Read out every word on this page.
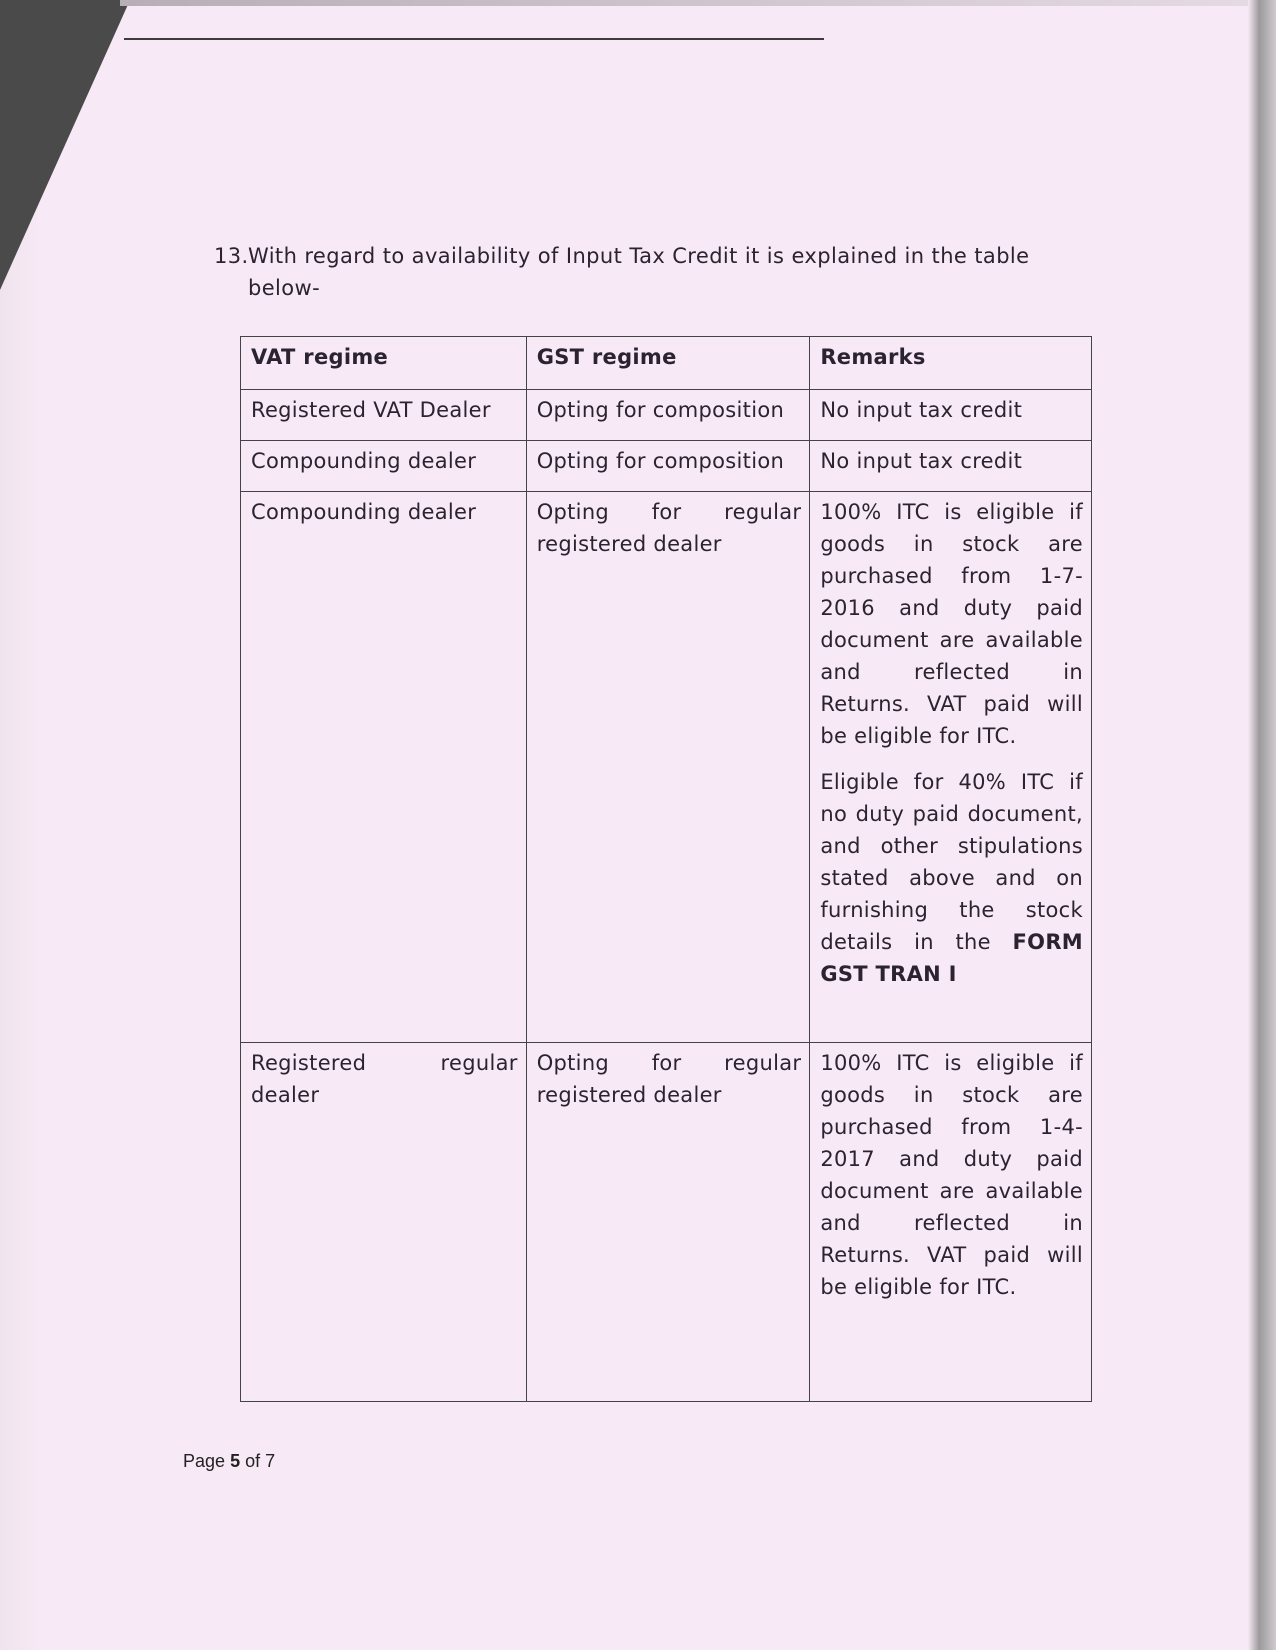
13.With regard to availability of Input Tax Credit it is explained in the table
below-
VAT regime	GST regime	Remarks
Registered VAT Dealer	Opting for composition	No input tax credit
Compounding dealer	Opting for composition	No input tax credit
Compounding dealer	Opting for regular registered dealer	100% ITC is eligible if goods in stock are purchased from 1-7-2016 and duty paid document are available and reflected in Returns. VAT paid will be eligible for ITC.
Eligible for 40% ITC if no duty paid document, and other stipulations stated above and on furnishing the stock details in the FORM GST TRAN I
Registered regular dealer	Opting for regular registered dealer	100% ITC is eligible if goods in stock are purchased from 1-4-2017 and duty paid document are available and reflected in Returns. VAT paid will be eligible for ITC.
Page 5 of 7
